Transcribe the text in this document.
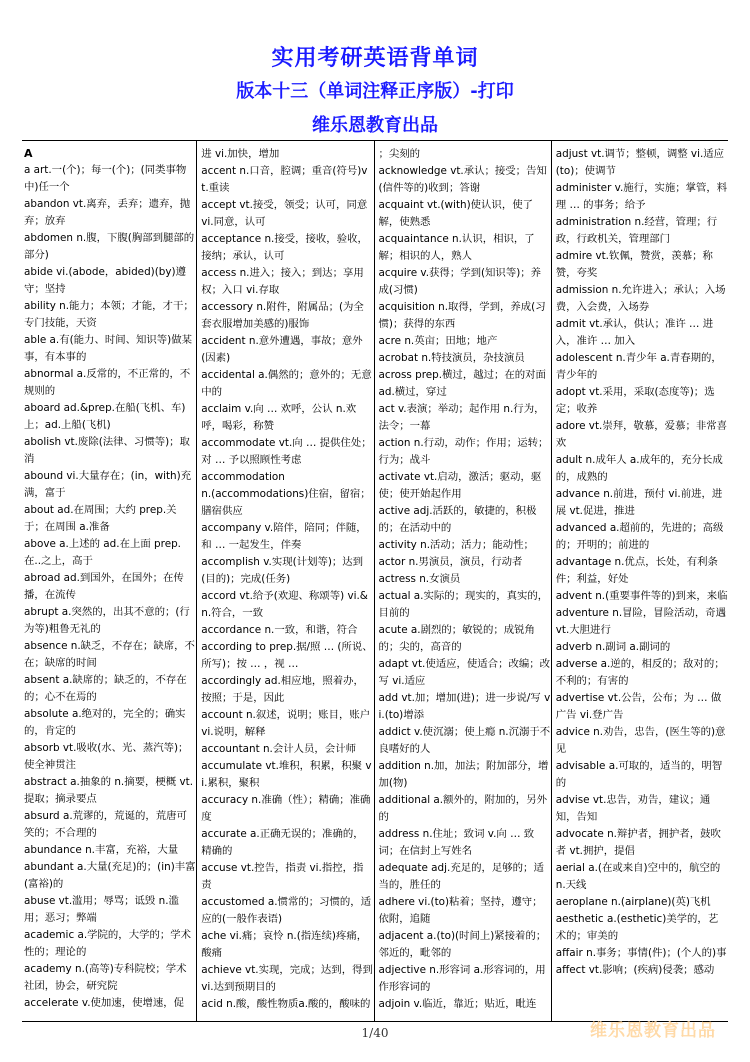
实用考研英语背单词
版本十三（单词注释正序版）-打印
维乐恩教育出品
A

a art.一(个)；每一(个)；(同类事物中)任一个

abandon vt.离弃，丢弃；遗弃，抛弃；放弃

abdomen n.腹，下腹(胸部到腿部的部分)

abide vi.(abode，abided)(by)遵守；坚持

ability n.能力；本领；才能，才干；专门技能，天资

able a.有(能力、时间、知识等)做某事，有本事的

abnormal a.反常的，不正常的，不规则的

aboard ad.&prep.在船(飞机、车)上；ad.上船(飞机)

abolish vt.废除(法律、习惯等)；取消

abound vi.大量存在；(in，with)充满，富于

about ad.在周围；大约 prep.关于；在周围 a.准备

above a.上述的 ad.在上面 prep.在..之上，高于

abroad ad.到国外，在国外；在传播，在流传

abrupt a.突然的，出其不意的；(行为等)粗鲁无礼的

absence n.缺乏，不存在；缺席，不在；缺席的时间

absent a.缺席的；缺乏的，不存在的；心不在焉的

absolute a.绝对的，完全的；确实的，肯定的

absorb vt.吸收(水、光、蒸汽等)；使全神贯注

abstract a.抽象的 n.摘要，梗概 vt.提取；摘录要点

absurd a.荒谬的，荒诞的，荒唐可笑的；不合理的

abundance n.丰富，充裕，大量

abundant a.大量(充足)的；(in)丰富(富裕)的

abuse vt.滥用；辱骂；诋毁 n.滥用；恶习；弊端

academic a.学院的，大学的；学术性的；理论的

academy n.(高等)专科院校；学术社团，协会，研究院

accelerate v.使加速，使增速，促

进 vi.加快，增加

accent n.口音，腔调；重音(符号)vt.重读

accept vt.接受，领受；认可，同意 vi.同意，认可

acceptance n.接受，接收，验收，接纳；承认，认可

access n.进入；接入；到达；享用权；入口 vi.存取

accessory n.附件，附属品；(为全套衣服增加美感的)服饰

accident n.意外遭遇，事故；意外(因素)

accidental a.偶然的；意外的；无意中的

acclaim v.向 … 欢呼，公认 n.欢呼，喝彩，称赞

accommodate vt.向 … 提供住处；对 … 予以照顾性考虑

accommodation

n.(accommodations)住宿，留宿；膳宿供应

accompany v.陪伴，陪同；伴随，和 … 一起发生，伴奏

accomplish v.实现(计划等)；达到(目的)；完成(任务)

accord vt.给予(欢迎、称颂等) vi.&n.符合，一致

accordance n.一致，和谐，符合

according to prep.据/照 … (所说、所写)；按 … ，视 …

accordingly ad.相应地，照着办，按照；于是，因此

account n.叙述，说明；账目，账户 vi.说明，解释

accountant n.会计人员，会计师

accumulate vt.堆积，积累，积聚 vi.累积，聚积

accuracy n.准确（性）；精确；准确度

accurate a.正确无误的；准确的，精确的

accuse vt.控告，指责 vi.指控，指责

accustomed a.惯常的；习惯的，适应的(一般作表语)

ache vi.痛；哀怜 n.(指连续)疼痛，酸痛

achieve vt.实现，完成；达到，得到vi.达到预期目的

acid n.酸，酸性物质a.酸的，酸味的

；尖刻的

acknowledge vt.承认；接受；告知(信件等的)收到；答谢

acquaint vt.(with)使认识，使了解，使熟悉

acquaintance n.认识，相识，了解；相识的人，熟人

acquire v.获得；学到(知识等)；养成(习惯)

acquisition n.取得，学到，养成(习惯)；获得的东西

acre n.英亩；田地；地产

acrobat n.特技演员，杂技演员

across prep.横过，越过；在的对面 ad.横过，穿过

act v.表演；举动；起作用 n.行为，法令；一幕

action n.行动，动作；作用；运转；行为；战斗

activate vt.启动，激活；驱动，驱使；使开始起作用

active adj.活跃的，敏捷的，积极的；在活动中的

activity n.活动；活力；能动性；

actor n.男演员，演员，行动者

actress n.女演员

actual a.实际的；现实的，真实的，目前的

acute a.剧烈的；敏锐的；成锐角的；尖的，高音的

adapt vt.使适应，使适合；改编；改写 vi.适应

add vt.加；增加(进)；进一步说/写 vi.(to)增添

addict v.使沉溺；使上瘾 n.沉溺于不良嗜好的人

addition n.加，加法；附加部分，增加(物)

additional a.额外的，附加的，另外的

address n.住址；致词 v.向 … 致词；在信封上写姓名

adequate adj.充足的，足够的；适当的，胜任的

adhere vi.(to)粘着；坚持，遵守；依附，追随

adjacent a.(to)(时间上)紧接着的；邻近的，毗邻的

adjective n.形容词 a.形容词的，用作形容词的

adjoin v.临近，靠近；贴近，毗连

adjust vt.调节；整顿，调整 vi.适应(to)；使调节

administer v.施行，实施；掌管，料理 … 的事务；给予

administration n.经营，管理；行政，行政机关，管理部门

admire vt.钦佩，赞赏，羡慕；称赞，夸奖

admission n.允许进入；承认；入场费，入会费，入场券

admit vt.承认，供认；准许 … 进入，准许 … 加入

adolescent n.青少年 a.青春期的，青少年的

adopt vt.采用，采取(态度等)；选定；收养

adore vt.崇拜，敬慕，爱慕；非常喜欢

adult n.成年人 a.成年的，充分长成的，成熟的

advance n.前进，预付 vi.前进，进展 vt.促进，推进

advanced a.超前的，先进的；高级的；开明的；前进的

advantage n.优点，长处，有利条件；利益，好处

advent n.(重要事件等的)到来，来临

adventure n.冒险，冒险活动，奇遇 vt.大胆进行

adverb n.副词 a.副词的

adverse a.逆的，相反的；敌对的；不利的；有害的

advertise vt.公告，公布；为 … 做广告 vi.登广告

advice n.劝告，忠告，(医生等的)意见

advisable a.可取的，适当的，明智的

advise vt.忠告，劝告，建议；通知，告知

advocate n.辩护者，拥护者，鼓吹者 vt.拥护，提倡

aerial a.(在或来自)空中的，航空的 n.天线

aeroplane n.(airplane)(英)飞机

aesthetic a.(esthetic)美学的，艺术的；审美的

affair n.事务；事情(件)；(个人的)事

affect vt.影响；(疾病)侵袭；感动

1/40	维乐恩教育出品
